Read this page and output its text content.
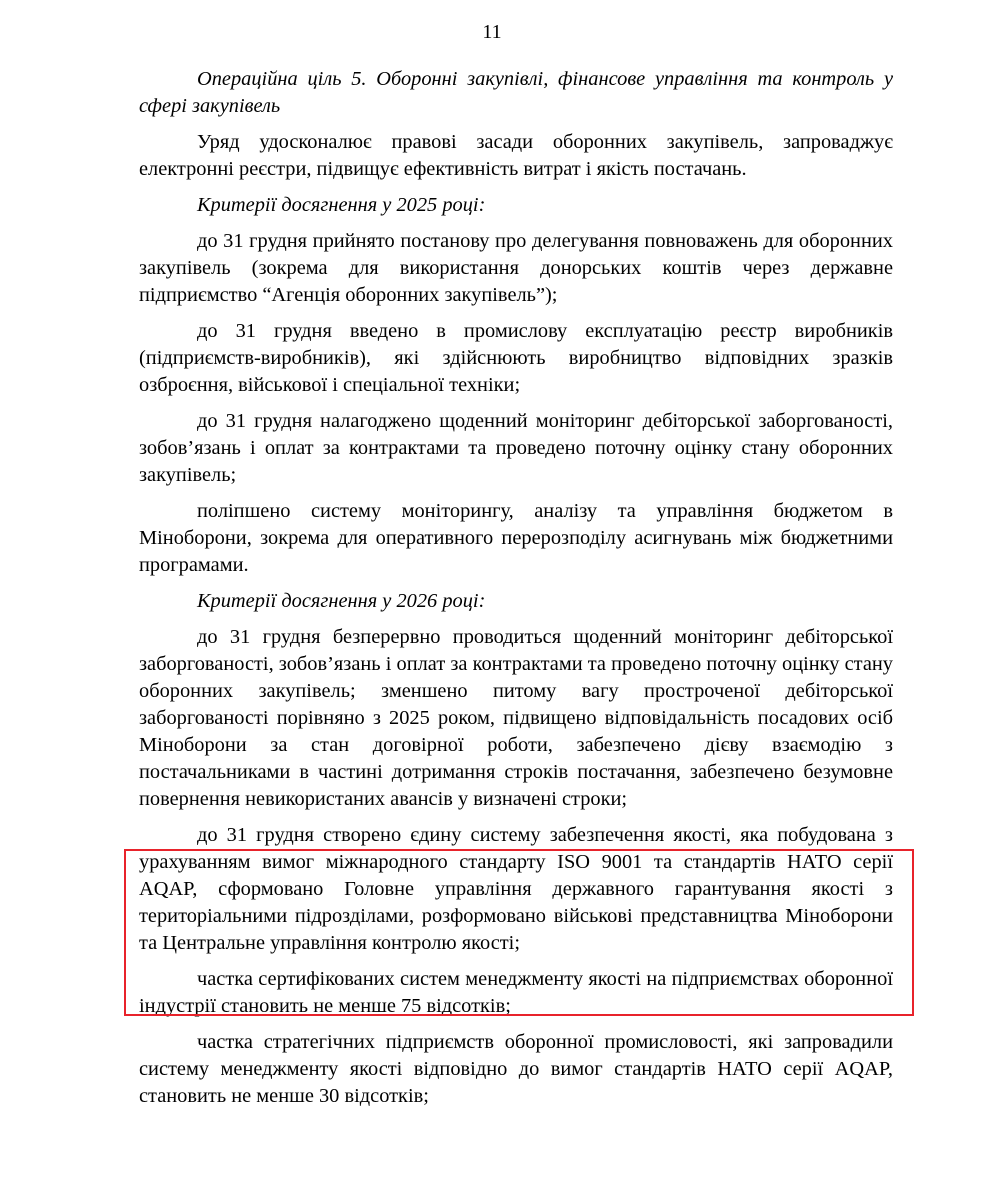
11

Операційна ціль 5. Оборонні закупівлі, фінансове управління та контроль у сфері закупівель

Уряд удосконалює правові засади оборонних закупівель, запроваджує електронні реєстри, підвищує ефективність витрат і якість постачань.

Критерії досягнення у 2025 році:

до 31 грудня прийнято постанову про делегування повноважень для оборонних закупівель (зокрема для використання донорських коштів через державне підприємство “Агенція оборонних закупівель”);

до 31 грудня введено в промислову експлуатацію реєстр виробників (підприємств-виробників), які здійснюють виробництво відповідних зразків озброєння, військової і спеціальної техніки;

до 31 грудня налагоджено щоденний моніторинг дебіторської заборгованості, зобов’язань і оплат за контрактами та проведено поточну оцінку стану оборонних закупівель;

поліпшено систему моніторингу, аналізу та управління бюджетом в Міноборони, зокрема для оперативного перерозподілу асигнувань між бюджетними програмами.

Критерії досягнення у 2026 році:

до 31 грудня безперервно проводиться щоденний моніторинг дебіторської заборгованості, зобов’язань і оплат за контрактами та проведено поточну оцінку стану оборонних закупівель; зменшено питому вагу простроченої дебіторської заборгованості порівняно з 2025 роком, підвищено відповідальність посадових осіб Міноборони за стан договірної роботи, забезпечено дієву взаємодію з постачальниками в частині дотримання строків постачання, забезпечено безумовне повернення невикористаних авансів у визначені строки;

до 31 грудня створено єдину систему забезпечення якості, яка побудована з урахуванням вимог міжнародного стандарту ISO 9001 та стандартів НАТО серії AQAP, сформовано Головне управління державного гарантування якості з територіальними підрозділами, розформовано військові представництва Міноборони та Центральне управління контролю якості;

частка сертифікованих систем менеджменту якості на підприємствах оборонної індустрії становить не менше 75 відсотків;

частка стратегічних підприємств оборонної промисловості, які запровадили систему менеджменту якості відповідно до вимог стандартів НАТО серії AQAP, становить не менше 30 відсотків;
